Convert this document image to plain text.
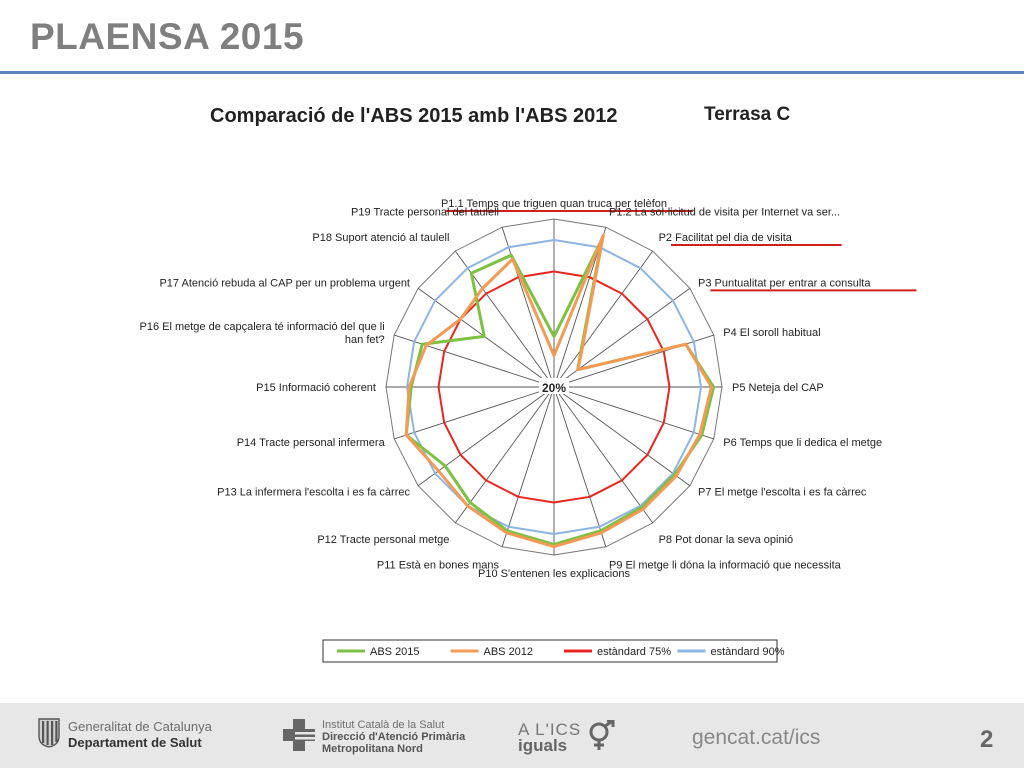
PLAENSA 2015
Comparació de l'ABS 2015 amb l'ABS 2012	Terrasa C
20%
P1.1 Temps que triguen quan truca per telèfon
P1.2 La sol·licitud de visita per Internet va ser...
P2 Facilitat pel dia de visita
P3 Puntualitat per entrar a consulta
P4 El soroll habitual
P5 Neteja del CAP
P6 Temps que li dedica el metge
P7 El metge l'escolta i es fa càrrec
P8 Pot donar la seva opinió
P9 El metge li dóna la informació que necessita
P10 S'entenen les explicacions
P11 Està en bones mans
P12 Tracte personal metge
P13 La infermera l'escolta i es fa càrrec
P14 Tracte personal infermera
P15 Informació coherent
P16 El metge de capçalera té informació del que li
han fet?
P17 Atenció rebuda al CAP per un problema urgent
P18 Suport atenció al taulell
P19 Tracte personal del taulell
ABS 2015	ABS 2012	estàndard 75%	estàndard 90%
Generalitat de Catalunya
Departament de Salut
Institut Català de la Salut
Direcció d'Atenció Primària
Metropolitana Nord
A L'ICS
iguals	gencat.cat/ics	2
